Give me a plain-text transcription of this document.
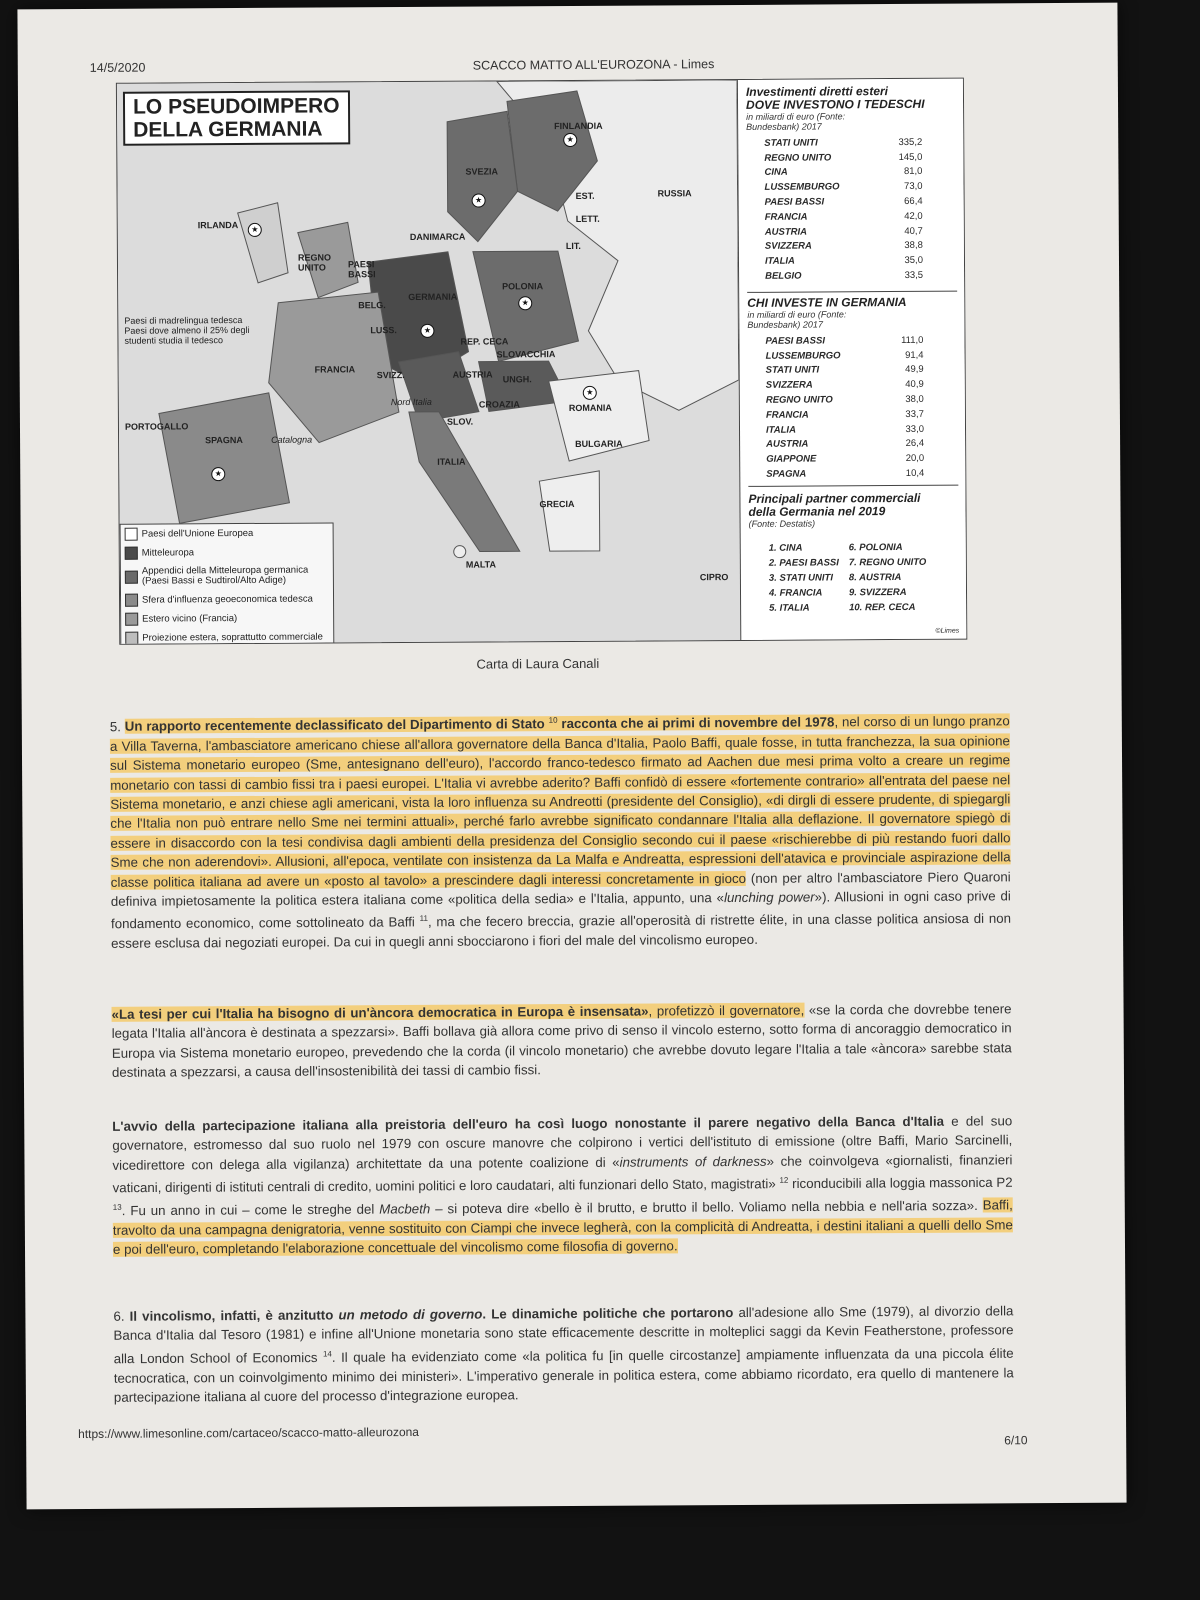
14/5/2020	SCACCO MATTO ALL'EUROZONA - Limes
LO PSEUDOIMPERO
DELLA GERMANIA	FINLANDIA
SVEZIA
EST.
LETT.
LIT.
RUSSIA
IRLANDA
DANIMARCA
REGNO UNITO	PAESI BASSI
GERMANIA
POLONIA
BELG.
LUSS.
REP. CECA
SLOVACCHIA
FRANCIA
SVIZZ.	AUSTRIA UNGH.
ROMANIA
CROAZIA
SLOV.
Nord Italia
PORTOGALLO
SPAGNA	Catalogna
ITALIA
BULGARIA
GRECIA
MALTA
CIPRO
★
★
★
★
★
★
★
Paesi di madrelingua tedesca
Paesi dove almeno il 25% degli studenti studia il tedesco
Paesi dell'Unione Europea
Mitteleuropa
Appendici della Mitteleuropa germanica (Paesi Bassi e Sudtirol/Alto Adige)
Sfera d'influenza geoeconomica tedesca
Estero vicino (Francia)
Proiezione estera, soprattutto commerciale
Investimenti diretti esteri
DOVE INVESTONO I TEDESCHI
in miliardi di euro (Fonte: Bundesbank) 2017
STATI UNITI	335,2
REGNO UNITO	145,0
CINA	81,0
LUSSEMBURGO	73,0
PAESI BASSI	66,4
FRANCIA	42,0
AUSTRIA	40,7
SVIZZERA	38,8
ITALIA	35,0
BELGIO	33,5
CHI INVESTE IN GERMANIA
in miliardi di euro (Fonte: Bundesbank) 2017
PAESI BASSI	111,0
LUSSEMBURGO	91,4
STATI UNITI	49,9
SVIZZERA	40,9
REGNO UNITO	38,0
FRANCIA	33,7
ITALIA	33,0
AUSTRIA	26,4
GIAPPONE	20,0
SPAGNA	10,4
Principali partner commerciali della Germania nel 2019
(Fonte: Destatis)
1. CINA	6. POLONIA
2. PAESI BASSI	7. REGNO UNITO
3. STATI UNITI	8. AUSTRIA
4. FRANCIA	9. SVIZZERA
5. ITALIA	10. REP. CECA
©Limes
Carta di Laura Canali
5. Un rapporto recentemente declassificato del Dipartimento di Stato $^{10}$ racconta che ai primi di novembre del 1978, nel corso di un lungo pranzo a Villa Taverna, l'ambasciatore americano chiese all'allora governatore della Banca d'Italia, Paolo Baffi, quale fosse, in tutta franchezza, la sua opinione sul Sistema monetario europeo (Sme, antesignano dell'euro), l'accordo franco-tedesco firmato ad Aachen due mesi prima volto a creare un regime monetario con tassi di cambio fissi tra i paesi europei. L'Italia vi avrebbe aderito? Baffi confidò di essere «fortemente contrario» all'entrata del paese nel Sistema monetario, e anzi chiese agli americani, vista la loro influenza su Andreotti (presidente del Consiglio), «di dirgli di essere prudente, di spiegargli che l'Italia non può entrare nello Sme nei termini attuali», perché farlo avrebbe significato condannare l'Italia alla deflazione. Il governatore spiegò di essere in disaccordo con la tesi condivisa dagli ambienti della presidenza del Consiglio secondo cui il paese «rischierebbe di più restando fuori dallo Sme che non aderendovi». Allusioni, all'epoca, ventilate con insistenza da La Malfa e Andreatta, espressioni dell'atavica e provinciale aspirazione della classe politica italiana ad avere un «posto al tavolo» a prescindere dagli interessi concretamente in gioco (non per altro l'ambasciatore Piero Quaroni definiva impietosamente la politica estera italiana come «politica della sedia» e l'Italia, appunto, una «lunching power»). Allusioni in ogni caso prive di fondamento economico, come sottolineato da Baffi $^{11}$, ma che fecero breccia, grazie all'operosità di ristrette élite, in una classe politica ansiosa di non essere esclusa dai negoziati europei. Da cui in quegli anni sbocciarono i fiori del male del vincolismo europeo.
«La tesi per cui l'Italia ha bisogno di un'àncora democratica in Europa è insensata», profetizzò il governatore, «se la corda che dovrebbe tenere legata l'Italia all'àncora è destinata a spezzarsi». Baffi bollava già allora come privo di senso il vincolo esterno, sotto forma di ancoraggio democratico in Europa via Sistema monetario europeo, prevedendo che la corda (il vincolo monetario) che avrebbe dovuto legare l'Italia a tale «àncora» sarebbe stata destinata a spezzarsi, a causa dell'insostenibilità dei tassi di cambio fissi.
L'avvio della partecipazione italiana alla preistoria dell'euro ha così luogo nonostante il parere negativo della Banca d'Italia e del suo governatore, estromesso dal suo ruolo nel 1979 con oscure manovre che colpirono i vertici dell'istituto di emissione (oltre Baffi, Mario Sarcinelli, vicedirettore con delega alla vigilanza) architettate da una potente coalizione di «instruments of darkness» che coinvolgeva «giornalisti, finanzieri vaticani, dirigenti di istituti centrali di credito, uomini politici e loro caudatari, alti funzionari dello Stato, magistrati» $^{12}$ riconducibili alla loggia massonica P2 $^{13}$. Fu un anno in cui – come le streghe del Macbeth – si poteva dire «bello è il brutto, e brutto il bello. Voliamo nella nebbia e nell'aria sozza». Baffi, travolto da una campagna denigratoria, venne sostituito con Ciampi che invece legherà, con la complicità di Andreatta, i destini italiani a quelli dello Sme e poi dell'euro, completando l'elaborazione concettuale del vincolismo come filosofia di governo.
6. Il vincolismo, infatti, è anzitutto un metodo di governo. Le dinamiche politiche che portarono all'adesione allo Sme (1979), al divorzio della Banca d'Italia dal Tesoro (1981) e infine all'Unione monetaria sono state efficacemente descritte in molteplici saggi da Kevin Featherstone, professore alla London School of Economics $^{14}$. Il quale ha evidenziato come «la politica fu [in quelle circostanze] ampiamente influenzata da una piccola élite tecnocratica, con un coinvolgimento minimo dei ministeri». L'imperativo generale in politica estera, come abbiamo ricordato, era quello di mantenere la partecipazione italiana al cuore del processo d'integrazione europea.
https://www.limesonline.com/cartaceo/scacco-matto-alleurozona	6/10
